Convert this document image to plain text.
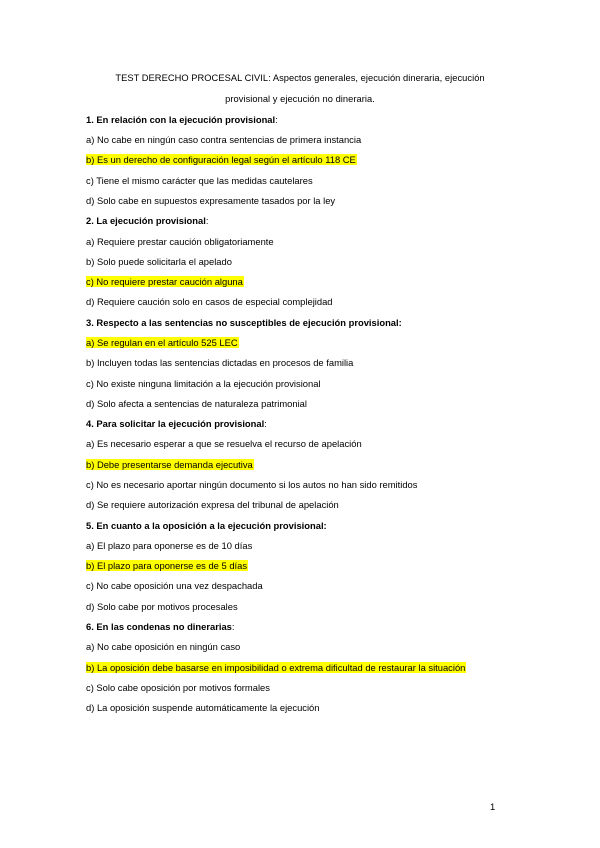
TEST DERECHO PROCESAL CIVIL: Aspectos generales, ejecución dineraria, ejecución
provisional y ejecución no dineraria.
1. En relación con la ejecución provisional:
a) No cabe en ningún caso contra sentencias de primera instancia
b) Es un derecho de configuración legal según el artículo 118 CE
c) Tiene el mismo carácter que las medidas cautelares
d) Solo cabe en supuestos expresamente tasados por la ley
2. La ejecución provisional:
a) Requiere prestar caución obligatoriamente
b) Solo puede solicitarla el apelado
c) No requiere prestar caución alguna
d) Requiere caución solo en casos de especial complejidad
3. Respecto a las sentencias no susceptibles de ejecución provisional:
a) Se regulan en el artículo 525 LEC
b) Incluyen todas las sentencias dictadas en procesos de familia
c) No existe ninguna limitación a la ejecución provisional
d) Solo afecta a sentencias de naturaleza patrimonial
4. Para solicitar la ejecución provisional:
a) Es necesario esperar a que se resuelva el recurso de apelación
b) Debe presentarse demanda ejecutiva
c) No es necesario aportar ningún documento si los autos no han sido remitidos
d) Se requiere autorización expresa del tribunal de apelación
5. En cuanto a la oposición a la ejecución provisional:
a) El plazo para oponerse es de 10 días
b) El plazo para oponerse es de 5 días
c) No cabe oposición una vez despachada
d) Solo cabe por motivos procesales
6. En las condenas no dinerarias:
a) No cabe oposición en ningún caso
b) La oposición debe basarse en imposibilidad o extrema dificultad de restaurar la situación
c) Solo cabe oposición por motivos formales
d) La oposición suspende automáticamente la ejecución
1
